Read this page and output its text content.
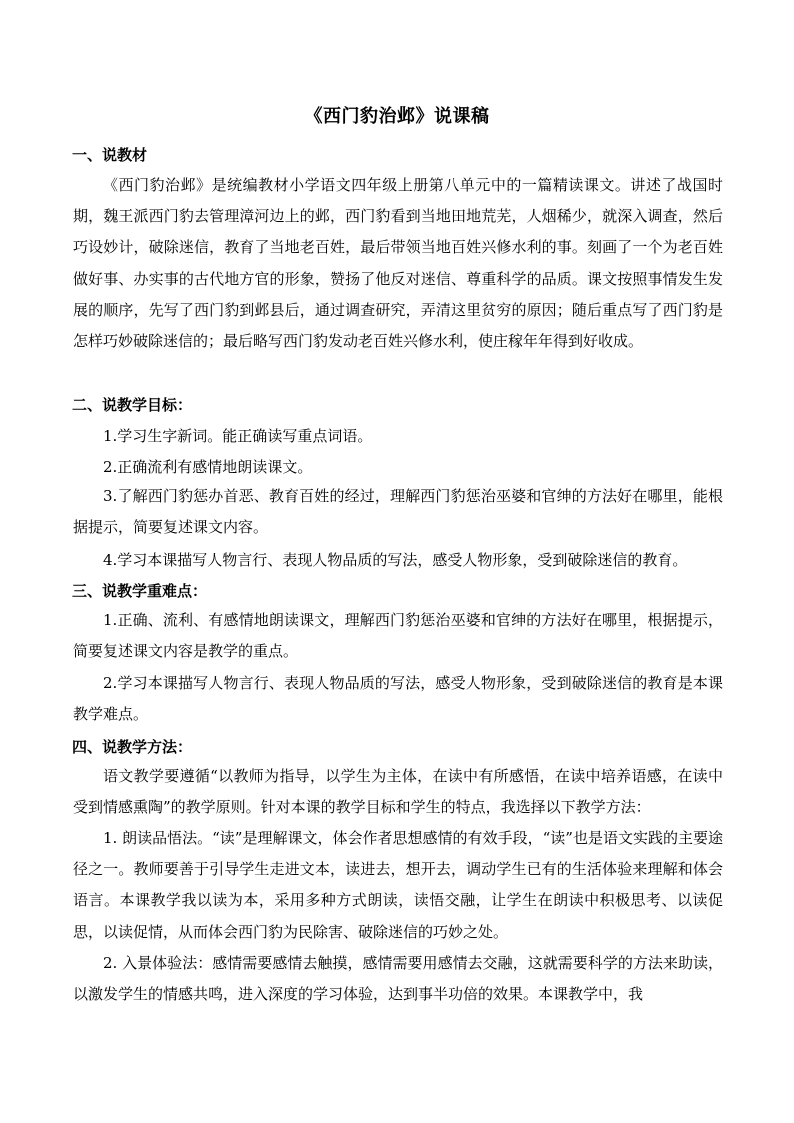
《西门豹治邺》说课稿
一、说教材
《西门豹治邺》是统编教材小学语文四年级上册第八单元中的一篇精读课文。讲述了战国时期，魏王派西门豹去管理漳河边上的邺，西门豹看到当地田地荒芜，人烟稀少，就深入调查，然后巧设妙计，破除迷信，教育了当地老百姓，最后带领当地百姓兴修水利的事。刻画了一个为老百姓做好事、办实事的古代地方官的形象，赞扬了他反对迷信、尊重科学的品质。课文按照事情发生发展的顺序，先写了西门豹到邺县后，通过调查研究，弄清这里贫穷的原因；随后重点写了西门豹是怎样巧妙破除迷信的；最后略写西门豹发动老百姓兴修水利，使庄稼年年得到好收成。
二、说教学目标：
1.学习生字新词。能正确读写重点词语。
2.正确流利有感情地朗读课文。
3.了解西门豹惩办首恶、教育百姓的经过，理解西门豹惩治巫婆和官绅的方法好在哪里，能根据提示，简要复述课文内容。
4.学习本课描写人物言行、表现人物品质的写法，感受人物形象，受到破除迷信的教育。
三、说教学重难点：
1.正确、流利、有感情地朗读课文，理解西门豹惩治巫婆和官绅的方法好在哪里，根据提示，简要复述课文内容是教学的重点。
2.学习本课描写人物言行、表现人物品质的写法，感受人物形象，受到破除迷信的教育是本课教学难点。
四、说教学方法：
语文教学要遵循“以教师为指导，以学生为主体，在读中有所感悟，在读中培养语感，在读中受到情感熏陶”的教学原则。针对本课的教学目标和学生的特点，我选择以下教学方法：
1. 朗读品悟法。“读”是理解课文，体会作者思想感情的有效手段，“读”也是语文实践的主要途径之一。教师要善于引导学生走进文本，读进去，想开去，调动学生已有的生活体验来理解和体会语言。本课教学我以读为本，采用多种方式朗读，读悟交融，让学生在朗读中积极思考、以读促思，以读促情，从而体会西门豹为民除害、破除迷信的巧妙之处。
2. 入景体验法：感情需要感情去触摸，感情需要用感情去交融，这就需要科学的方法来助读，以激发学生的情感共鸣，进入深度的学习体验，达到事半功倍的效果。本课教学中，我
